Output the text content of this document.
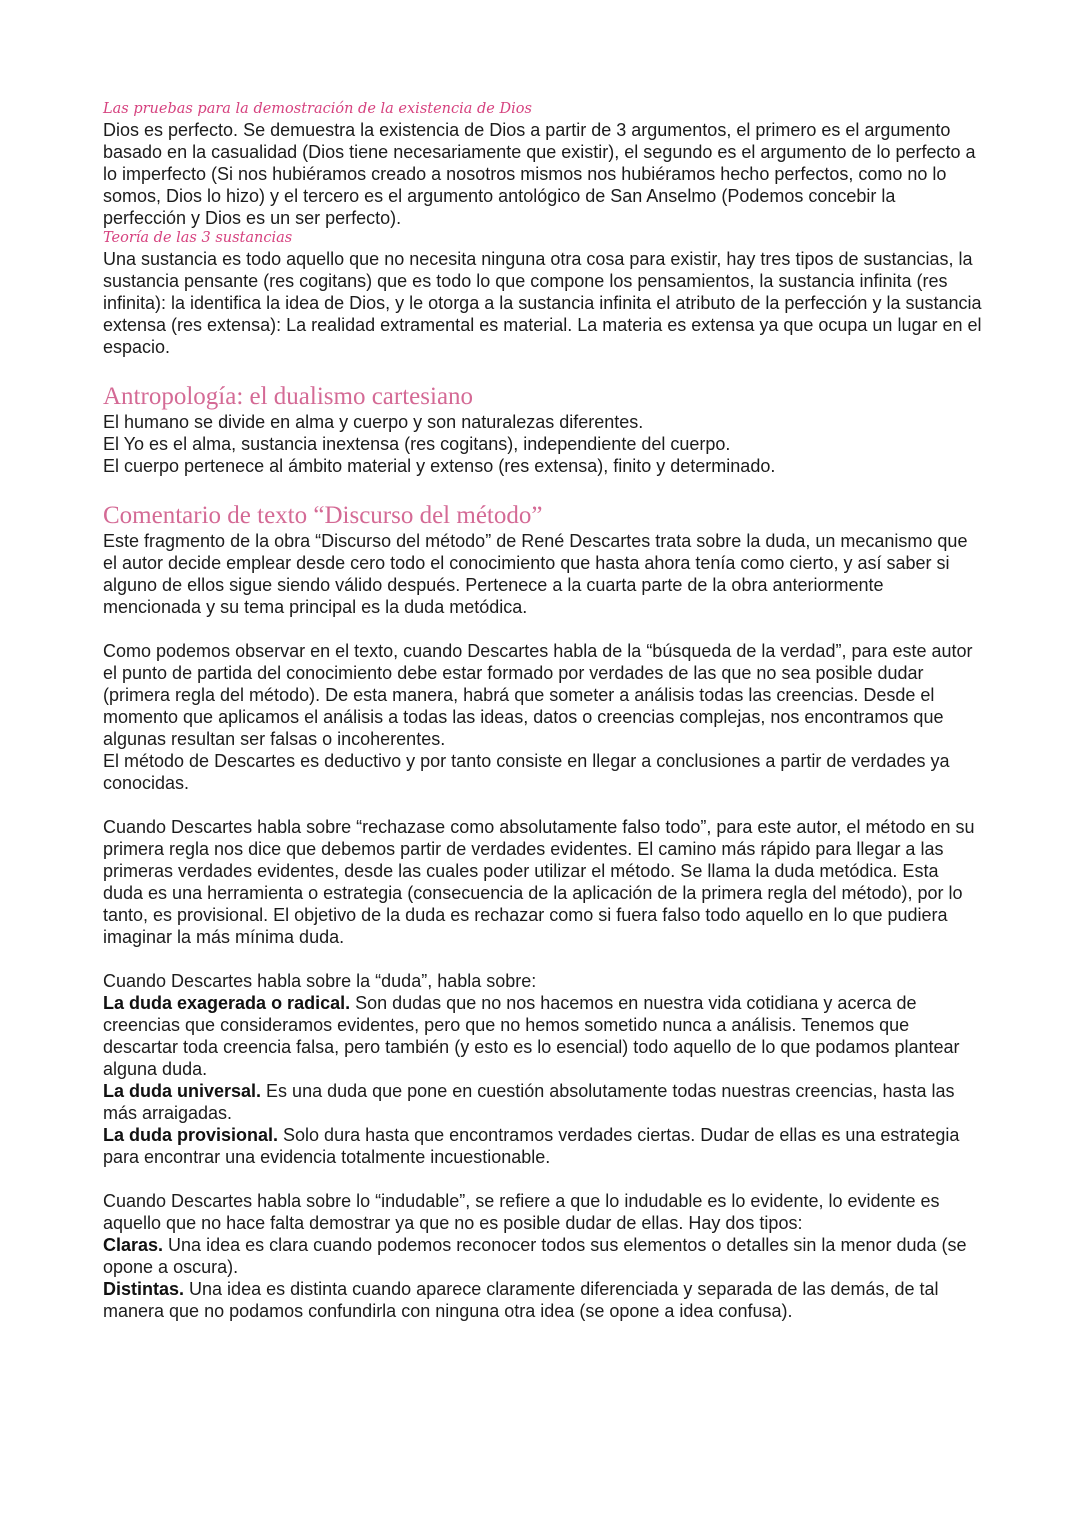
Las pruebas para la demostración de la existencia de Dios

Dios es perfecto. Se demuestra la existencia de Dios a partir de 3 argumentos, el primero es el argumento basado en la casualidad (Dios tiene necesariamente que existir), el segundo es el argumento de lo perfecto a lo imperfecto (Si nos hubiéramos creado a nosotros mismos nos hubiéramos hecho perfectos, como no lo somos, Dios lo hizo) y el tercero es el argumento antológico de San Anselmo (Podemos concebir la perfección y Dios es un ser perfecto).

Teoría de las 3 sustancias

Una sustancia es todo aquello que no necesita ninguna otra cosa para existir, hay tres tipos de sustancias, la sustancia pensante (res cogitans) que es todo lo que compone los pensamientos, la sustancia infinita (res infinita): la identifica la idea de Dios, y le otorga a la sustancia infinita el atributo de la perfección y la sustancia extensa (res extensa): La realidad extramental es material. La materia es extensa ya que ocupa un lugar en el espacio.

Antropología: el dualismo cartesiano

El humano se divide en alma y cuerpo y son naturalezas diferentes.

El Yo es el alma, sustancia inextensa (res cogitans), independiente del cuerpo.

El cuerpo pertenece al ámbito material y extenso (res extensa), finito y determinado.

Comentario de texto “Discurso del método”

Este fragmento de la obra “Discurso del método” de René Descartes trata sobre la duda, un mecanismo que el autor decide emplear desde cero todo el conocimiento que hasta ahora tenía como cierto, y así saber si alguno de ellos sigue siendo válido después. Pertenece a la cuarta parte de la obra anteriormente mencionada y su tema principal es la duda metódica.

Como podemos observar en el texto, cuando Descartes habla de la “búsqueda de la verdad”, para este autor el punto de partida del conocimiento debe estar formado por verdades de las que no sea posible dudar (primera regla del método). De esta manera, habrá que someter a análisis todas las creencias. Desde el momento que aplicamos el análisis a todas las ideas, datos o creencias complejas, nos encontramos que algunas resultan ser falsas o incoherentes.

El método de Descartes es deductivo y por tanto consiste en llegar a conclusiones a partir de verdades ya conocidas.

Cuando Descartes habla sobre “rechazase como absolutamente falso todo”, para este autor, el método en su primera regla nos dice que debemos partir de verdades evidentes. El camino más rápido para llegar a las primeras verdades evidentes, desde las cuales poder utilizar el método. Se llama la duda metódica. Esta duda es una herramienta o estrategia (consecuencia de la aplicación de la primera regla del método), por lo tanto, es provisional. El objetivo de la duda es rechazar como si fuera falso todo aquello en lo que pudiera imaginar la más mínima duda.

Cuando Descartes habla sobre la “duda”, habla sobre:

La duda exagerada o radical. Son dudas que no nos hacemos en nuestra vida cotidiana y acerca de creencias que consideramos evidentes, pero que no hemos sometido nunca a análisis. Tenemos que descartar toda creencia falsa, pero también (y esto es lo esencial) todo aquello de lo que podamos plantear alguna duda.

La duda universal. Es una duda que pone en cuestión absolutamente todas nuestras creencias, hasta las más arraigadas.

La duda provisional. Solo dura hasta que encontramos verdades ciertas. Dudar de ellas es una estrategia para encontrar una evidencia totalmente incuestionable.

Cuando Descartes habla sobre lo “indudable”, se refiere a que lo indudable es lo evidente, lo evidente es aquello que no hace falta demostrar ya que no es posible dudar de ellas. Hay dos tipos:

Claras. Una idea es clara cuando podemos reconocer todos sus elementos o detalles sin la menor duda (se opone a oscura).

Distintas. Una idea es distinta cuando aparece claramente diferenciada y separada de las demás, de tal manera que no podamos confundirla con ninguna otra idea (se opone a idea confusa).
